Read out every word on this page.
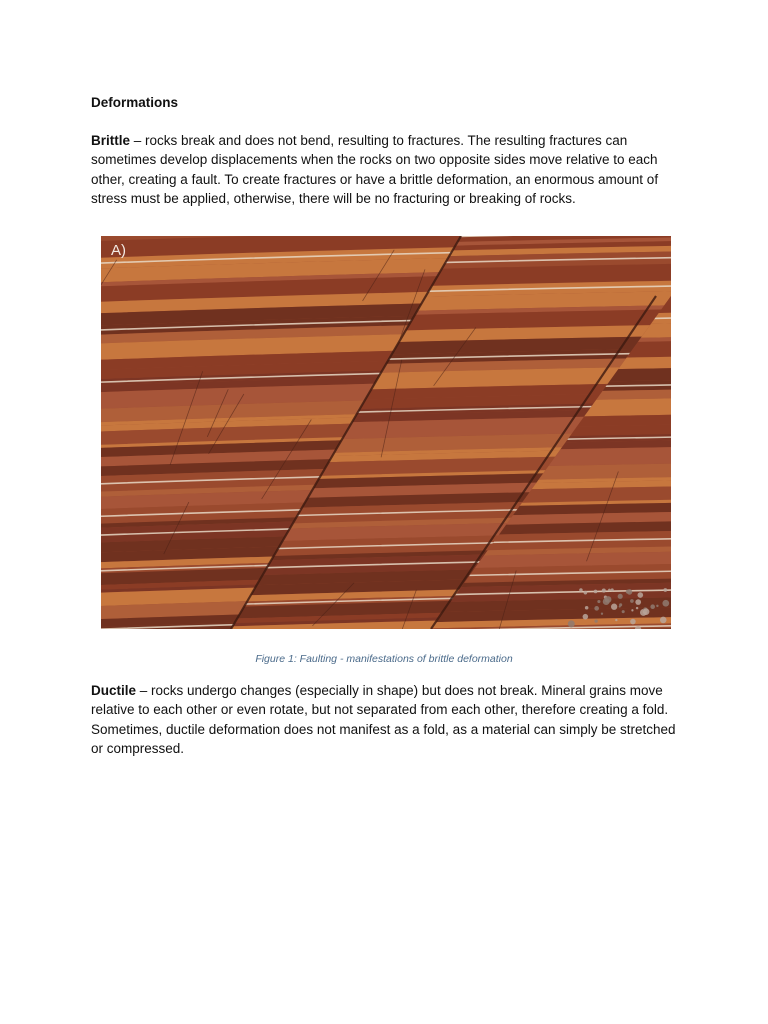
Deformations

Brittle – rocks break and does not bend, resulting to fractures. The resulting fractures can sometimes develop displacements when the rocks on two opposite sides move relative to each other, creating a fault. To create fractures or have a brittle deformation, an enormous amount of stress must be applied, otherwise, there will be no fracturing or breaking of rocks.

A)
Figure 1: Faulting - manifestations of brittle deformation

Ductile – rocks undergo changes (especially in shape) but does not break. Mineral grains move relative to each other or even rotate, but not separated from each other, therefore creating a fold. Sometimes, ductile deformation does not manifest as a fold, as a material can simply be stretched or compressed.
